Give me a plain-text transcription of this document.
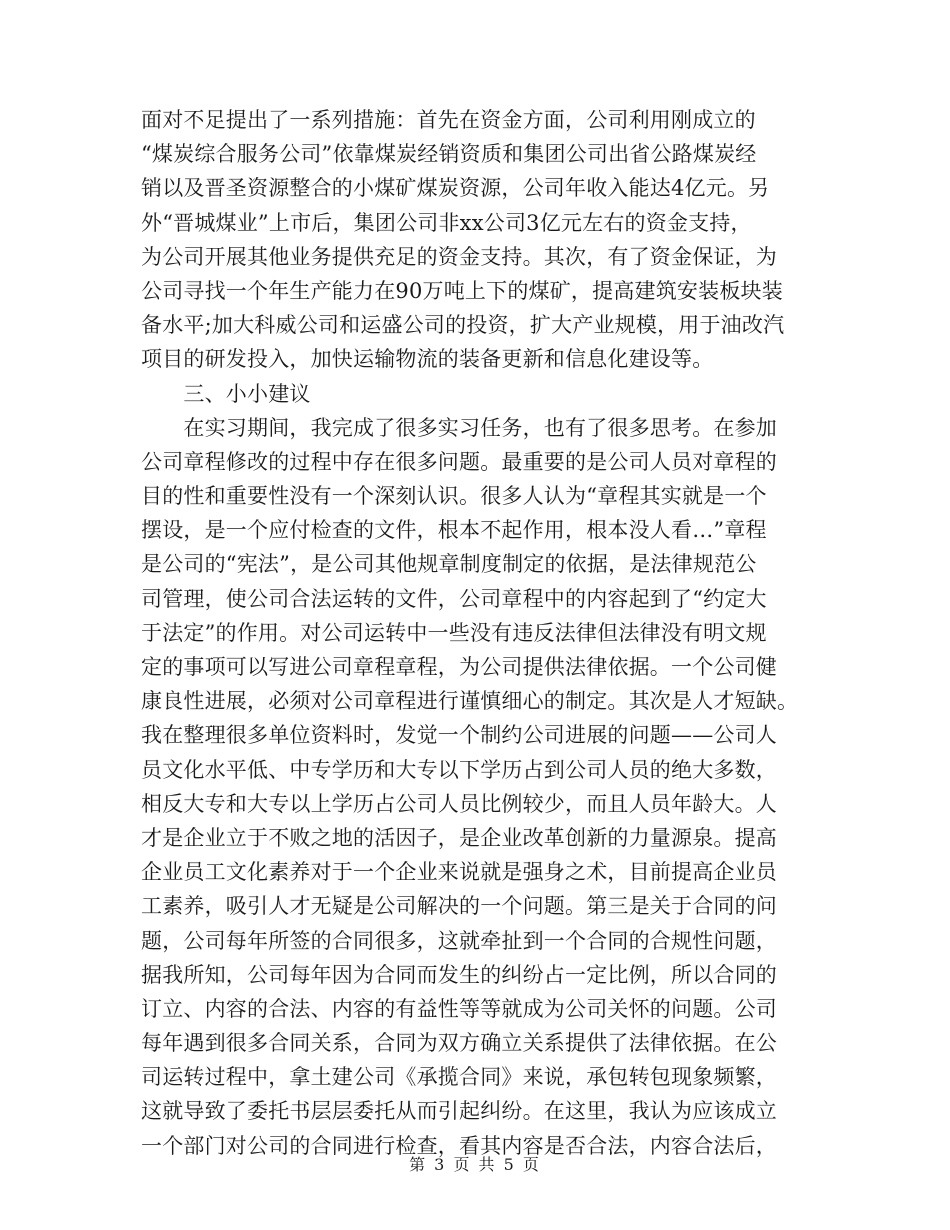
面对不足提出了一系列措施：首先在资金方面，公司利用刚成立的
“煤炭综合服务公司”依靠煤炭经销资质和集团公司出省公路煤炭经
销以及晋圣资源整合的小煤矿煤炭资源，公司年收入能达4亿元。另
外“晋城煤业”上市后，集团公司非xx公司3亿元左右的资金支持，
为公司开展其他业务提供充足的资金支持。其次，有了资金保证，为
公司寻找一个年生产能力在90万吨上下的煤矿，提高建筑安装板块装
备水平;加大科威公司和运盛公司的投资，扩大产业规模，用于油改汽
项目的研发投入，加快运输物流的装备更新和信息化建设等。
　　三、小小建议
　　在实习期间，我完成了很多实习任务，也有了很多思考。在参加
公司章程修改的过程中存在很多问题。最重要的是公司人员对章程的
目的性和重要性没有一个深刻认识。很多人认为“章程其实就是一个
摆设，是一个应付检查的文件，根本不起作用，根本没人看…”章程
是公司的“宪法”，是公司其他规章制度制定的依据，是法律规范公
司管理，使公司合法运转的文件，公司章程中的内容起到了“约定大
于法定”的作用。对公司运转中一些没有违反法律但法律没有明文规
定的事项可以写进公司章程章程，为公司提供法律依据。一个公司健
康良性进展，必须对公司章程进行谨慎细心的制定。其次是人才短缺。
我在整理很多单位资料时，发觉一个制约公司进展的问题——公司人
员文化水平低、中专学历和大专以下学历占到公司人员的绝大多数，
相反大专和大专以上学历占公司人员比例较少，而且人员年龄大。人
才是企业立于不败之地的活因子，是企业改革创新的力量源泉。提高
企业员工文化素养对于一个企业来说就是强身之术，目前提高企业员
工素养，吸引人才无疑是公司解决的一个问题。第三是关于合同的问
题，公司每年所签的合同很多，这就牵扯到一个合同的合规性问题，
据我所知，公司每年因为合同而发生的纠纷占一定比例，所以合同的
订立、内容的合法、内容的有益性等等就成为公司关怀的问题。公司
每年遇到很多合同关系，合同为双方确立关系提供了法律依据。在公
司运转过程中，拿土建公司《承揽合同》来说，承包转包现象频繁，
这就导致了委托书层层委托从而引起纠纷。在这里，我认为应该成立
一个部门对公司的合同进行检查，看其内容是否合法，内容合法后，
第 3 页 共 5 页
